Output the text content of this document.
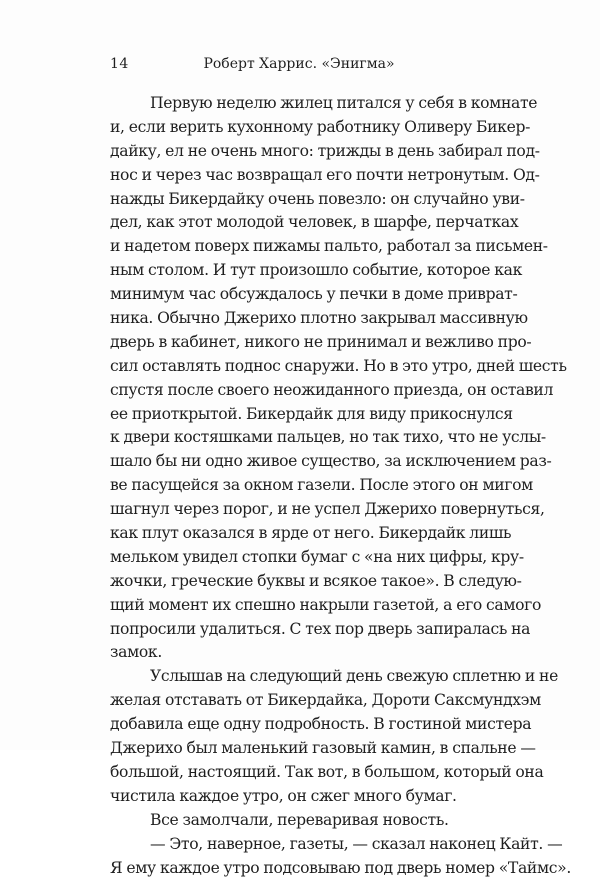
14	Роберт Харрис. «Энигма»
Первую неделю жилец питался у себя в комнате
и, если верить кухонному работнику Оливеру Бикер-
дайку, ел не очень много: трижды в день забирал под-
нос и через час возвращал его почти нетронутым. Од-
нажды Бикердайку очень повезло: он случайно уви-
дел, как этот молодой человек, в шарфе, перчатках
и надетом поверх пижамы пальто, работал за письмен-
ным столом. И тут произошло событие, которое как
минимум час обсуждалось у печки в доме приврат-
ника. Обычно Джерихо плотно закрывал массивную
дверь в кабинет, никого не принимал и вежливо про-
сил оставлять поднос снаружи. Но в это утро, дней шесть
спустя после своего неожиданного приезда, он оставил
ее приоткрытой. Бикердайк для виду прикоснулся
к двери костяшками пальцев, но так тихо, что не услы-
шало бы ни одно живое существо, за исключением раз-
ве пасущейся за окном газели. После этого он мигом
шагнул через порог, и не успел Джерихо повернуться,
как плут оказался в ярде от него. Бикердайк лишь
мельком увидел стопки бумаг с «на них цифры, кру-
жочки, греческие буквы и всякое такое». В следую-
щий момент их спешно накрыли газетой, а его самого
попросили удалиться. С тех пор дверь запиралась на
замок.
Услышав на следующий день свежую сплетню и не
желая отставать от Бикердайка, Дороти Саксмундхэм
добавила еще одну подробность. В гостиной мистера
Джерихо был маленький газовый камин, в спальне —
большой, настоящий. Так вот, в большом, который она
чистила каждое утро, он сжег много бумаг.
Все замолчали, переваривая новость.
— Это, наверное, газеты, — сказал наконец Кайт. —
Я ему каждое утро подсовываю под дверь номер «Таймс».
